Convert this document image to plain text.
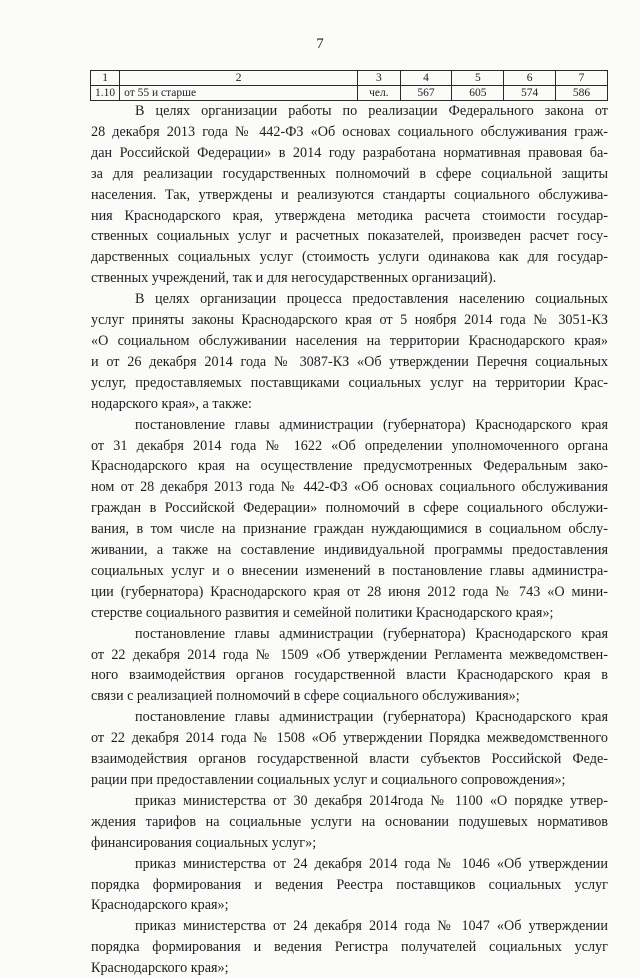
7
1	2	3	4	5	6	7
1.10	от 55 и старше	чел.	567	605	574	586
В целях организации работы по реализации Федерального закона от
28 декабря 2013 года № 442-ФЗ «Об основах социального обслуживания граж-
дан Российской Федерации» в 2014 году разработана нормативная правовая ба-
за для реализации государственных полномочий в сфере социальной защиты
населения. Так, утверждены и реализуются стандарты социального обслужива-
ния Краснодарского края, утверждена методика расчета стоимости государ-
ственных социальных услуг и расчетных показателей, произведен расчет госу-
дарственных социальных услуг (стоимость услуги одинакова как для государ-
ственных учреждений, так и для негосударственных организаций).
В целях организации процесса предоставления населению социальных
услуг приняты законы Краснодарского края от 5 ноября 2014 года № 3051-КЗ
«О социальном обслуживании населения на территории Краснодарского края»
и от 26 декабря 2014 года № 3087-КЗ «Об утверждении Перечня социальных
услуг, предоставляемых поставщиками социальных услуг на территории Крас-
нодарского края», а также:
постановление главы администрации (губернатора) Краснодарского края
от 31 декабря 2014 года № 1622 «Об определении уполномоченного органа
Краснодарского края на осуществление предусмотренных Федеральным зако-
ном от 28 декабря 2013 года № 442-ФЗ «Об основах социального обслуживания
граждан в Российской Федерации» полномочий в сфере социального обслужи-
вания, в том числе на признание граждан нуждающимися в социальном обслу-
живании, а также на составление индивидуальной программы предоставления
социальных услуг и о внесении изменений в постановление главы администра-
ции (губернатора) Краснодарского края от 28 июня 2012 года № 743 «О мини-
стерстве социального развития и семейной политики Краснодарского края»;
постановление главы администрации (губернатора) Краснодарского края
от 22 декабря 2014 года № 1509 «Об утверждении Регламента межведомствен-
ного взаимодействия органов государственной власти Краснодарского края в
связи с реализацией полномочий в сфере социального обслуживания»;
постановление главы администрации (губернатора) Краснодарского края
от 22 декабря 2014 года № 1508 «Об утверждении Порядка межведомственного
взаимодействия органов государственной власти субъектов Российской Феде-
рации при предоставлении социальных услуг и социального сопровождения»;
приказ министерства от 30 декабря 2014года № 1100 «О порядке утвер-
ждения тарифов на социальные услуги на основании подушевых нормативов
финансирования социальных услуг»;
приказ министерства от 24 декабря 2014 года № 1046 «Об утверждении
порядка формирования и ведения Реестра поставщиков социальных услуг
Краснодарского края»;
приказ министерства от 24 декабря 2014 года № 1047 «Об утверждении
порядка формирования и ведения Регистра получателей социальных услуг
Краснодарского края»;
